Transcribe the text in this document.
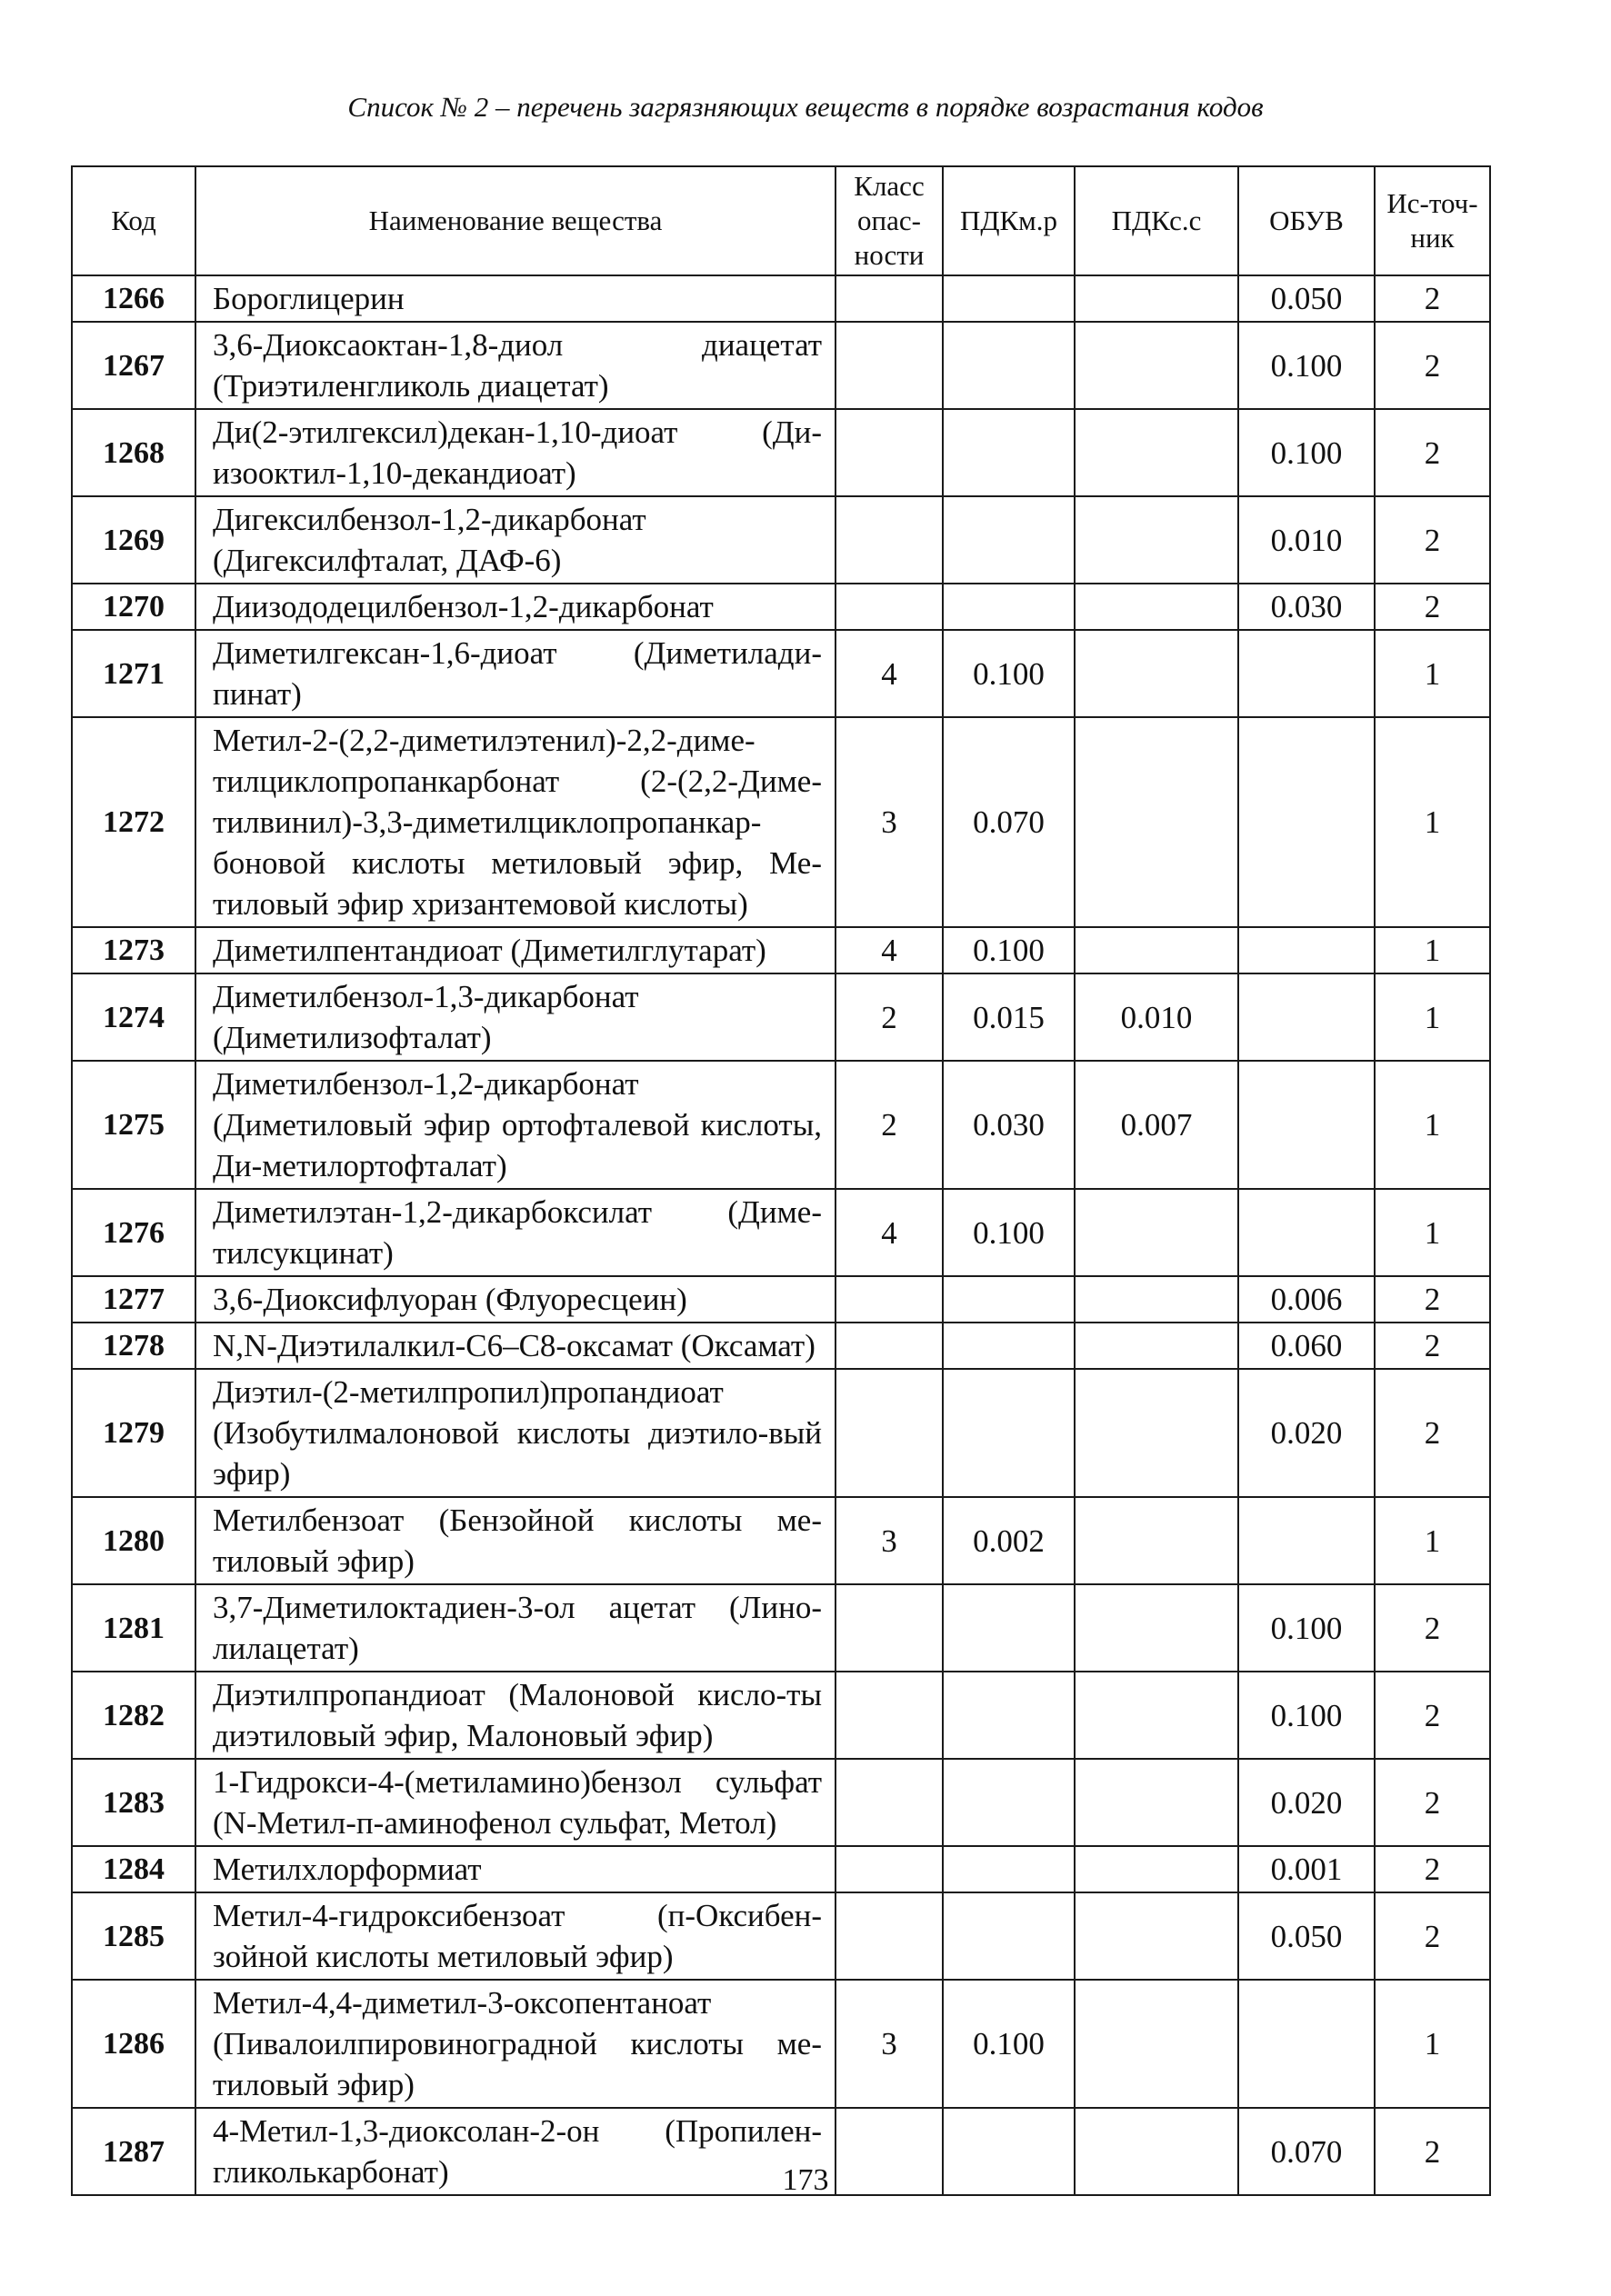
Список № 2 – перечень загрязняющих веществ в порядке возрастания кодов
Код	Наименование вещества	Класс опас-ности	ПДКм.р	ПДКс.с	ОБУВ	Ис-точ-ник
1266	Бороглицерин				0.050	2
1267	3,6-Диоксаоктан-1,8-диол диацетат (Триэтиленгликоль диацетат)				0.100	2
1268	Ди(2-этилгексил)декан-1,10-диоат (Ди-изооктил-1,10-декандиоат)				0.100	2
1269	Дигексилбензол-1,2-дикарбонат (Дигексилфталат, ДАФ-6)				0.010	2
1270	Диизододецилбензол-1,2-дикарбонат				0.030	2
1271	Диметилгексан-1,6-диоат (Диметилади-пинат)	4	0.100			1
1272	Метил-2-(2,2-диметилэтенил)-2,2-диме-тилциклопропанкарбонат (2-(2,2-Диме-тилвинил)-3,3-диметилциклопропанкар-боновой кислоты метиловый эфир, Ме-тиловый эфир хризантемовой кислоты)	3	0.070			1
1273	Диметилпентандиоат (Диметилглутарат)	4	0.100			1
1274	Диметилбензол-1,3-дикарбонат (Диметилизофталат)	2	0.015	0.010		1
1275	Диметилбензол-1,2-дикарбонат (Диметиловый эфир ортофталевой кислоты, Ди-метилортофталат)	2	0.030	0.007		1
1276	Диметилэтан-1,2-дикарбоксилат (Диме-тилсукцинат)	4	0.100			1
1277	3,6-Диоксифлуоран (Флуоресцеин)				0.006	2
1278	N,N-Диэтилалкил-C6–C8-оксамат (Оксамат)				0.060	2
1279	Диэтил-(2-метилпропил)пропандиоат (Изобутилмалоновой кислоты диэтило-вый эфир)				0.020	2
1280	Метилбензоат (Бензойной кислоты ме-тиловый эфир)	3	0.002			1
1281	3,7-Диметилоктадиен-3-ол ацетат (Лино-лилацетат)				0.100	2
1282	Диэтилпропандиоат (Малоновой кисло-ты диэтиловый эфир, Малоновый эфир)				0.100	2
1283	1-Гидрокси-4-(метиламино)бензол сульфат (N-Метил-п-аминофенол сульфат, Метол)				0.020	2
1284	Метилхлорформиат				0.001	2
1285	Метил-4-гидроксибензоат (п-Оксибен-зойной кислоты метиловый эфир)				0.050	2
1286	Метил-4,4-диметил-3-оксопентаноат (Пивалоилпировиноградной кислоты ме-тиловый эфир)	3	0.100			1
1287	4-Метил-1,3-диоксолан-2-он (Пропилен-гликолькарбонат)				0.070	2
173
